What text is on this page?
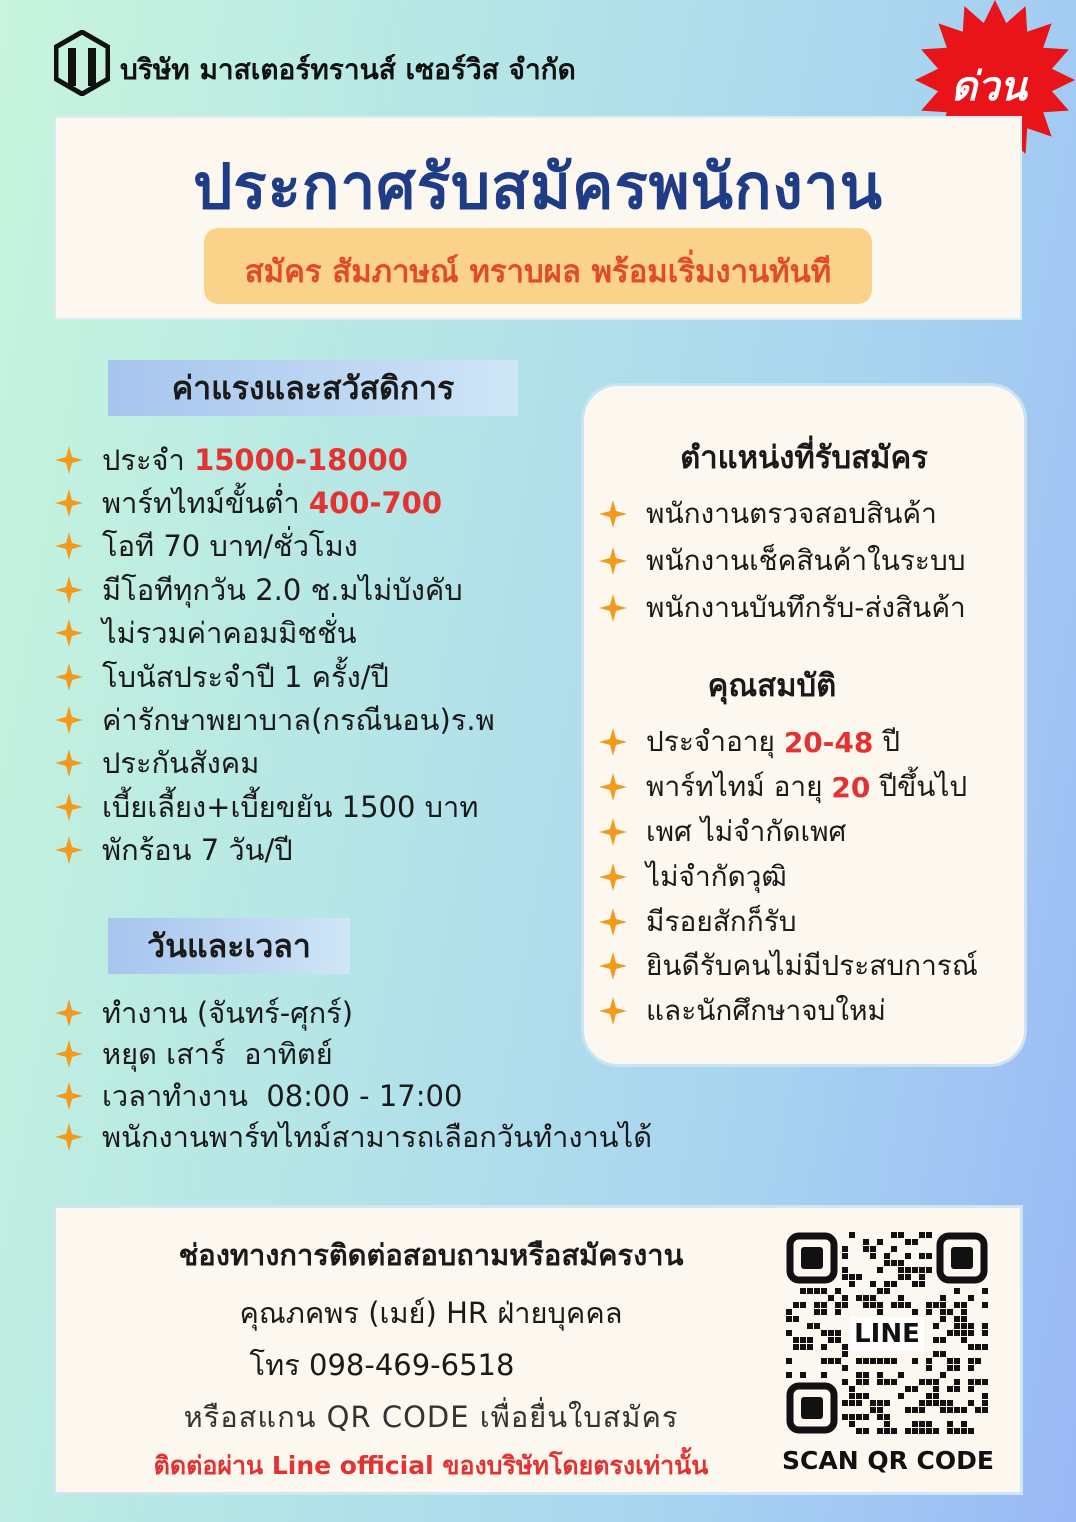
บริษัท มาสเตอร์ทรานส์ เซอร์วิส จำกัด	ด่วน
ประกาศรับสมัครพนักงาน
สมัคร สัมภาษณ์ ทราบผล พร้อมเริ่มงานทันที
ค่าแรงและสวัสดิการ
ประจำ 15000-18000
พาร์ทไทม์ขั้นต่ำ 400-700
โอที 70 บาท/ชั่วโมง
มีโอทีทุกวัน 2.0 ช.มไม่บังคับ
ไม่รวมค่าคอมมิชชั่น
โบนัสประจำปี 1 ครั้ง/ปี
ค่ารักษาพยาบาล(กรณีนอน)ร.พ
ประกันสังคม
เบี้ยเลี้ยง+เบี้ยขยัน 1500 บาท
พักร้อน 7 วัน/ปี
วันและเวลา
ทำงาน (จันทร์-ศุกร์)
หยุด เสาร์  อาทิตย์
เวลาทำงาน  08:00 - 17:00
พนักงานพาร์ทไทม์สามารถเลือกวันทำงานได้
ตำแหน่งที่รับสมัคร
พนักงานตรวจสอบสินค้า
พนักงานเช็คสินค้าในระบบ
พนักงานบันทึกรับ-ส่งสินค้า
คุณสมบัติ
ประจำอายุ 20-48 ปี
พาร์ทไทม์ อายุ 20 ปีขึ้นไป
เพศ ไม่จำกัดเพศ
ไม่จำกัดวุฒิ
มีรอยสักก็รับ
ยินดีรับคนไม่มีประสบการณ์
และนักศึกษาจบใหม่
ช่องทางการติดต่อสอบถามหรือสมัครงาน
คุณภคพร (เมย์) HR ฝ่ายบุคคล
โทร 098-469-6518
หรือสแกน QR CODE เพื่อยื่นใบสมัคร
ติดต่อผ่าน Line official ของบริษัทโดยตรงเท่านั้น
LINE
SCAN QR CODE
